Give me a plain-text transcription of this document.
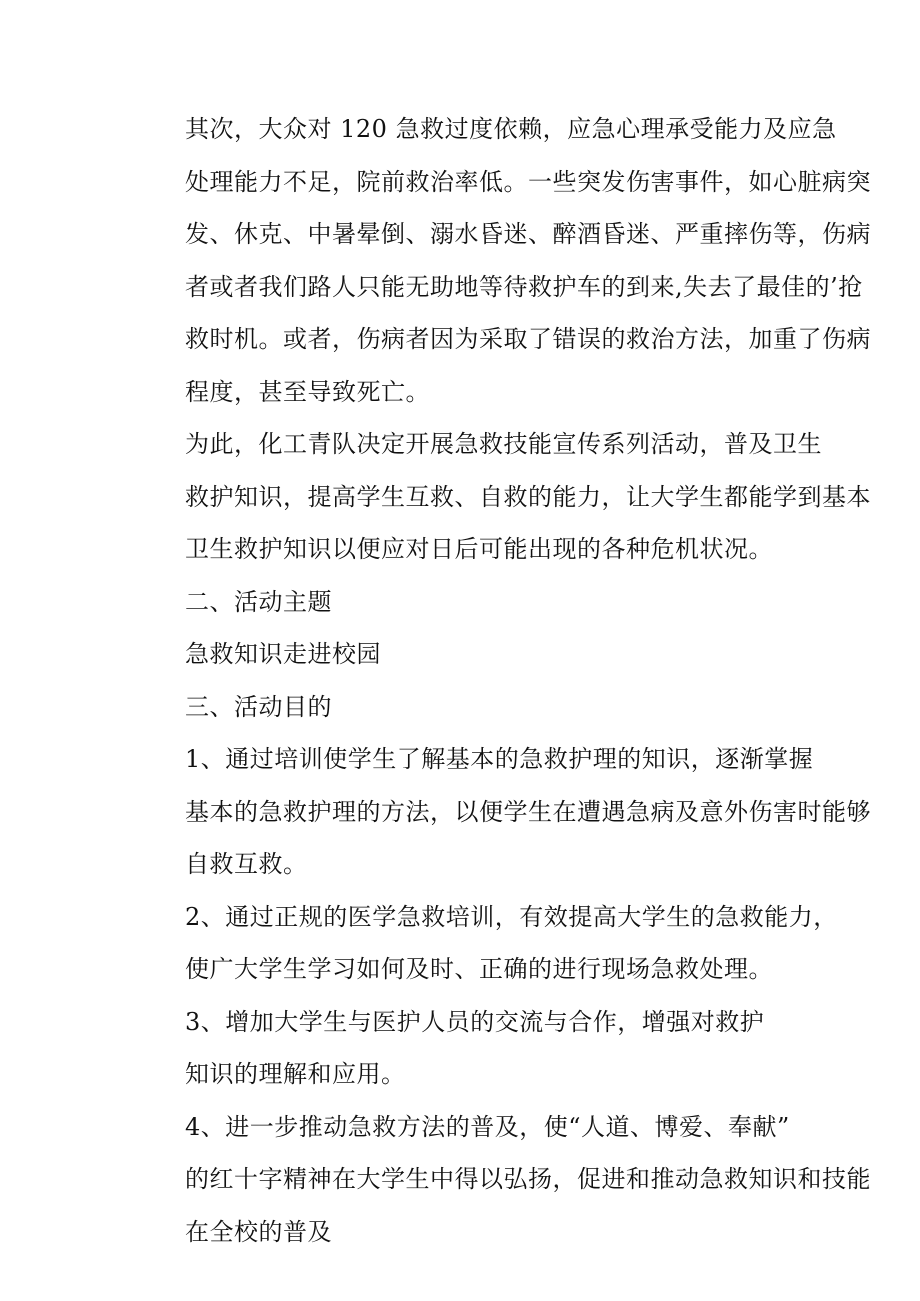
其次，大众对 120 急救过度依赖，应急心理承受能力及应急
处理能力不足，院前救治率低。一些突发伤害事件，如心脏病突
发、休克、中暑晕倒、溺水昏迷、醉酒昏迷、严重摔伤等，伤病
者或者我们路人只能无助地等待救护车的到来,失去了最佳的’抢
救时机。或者，伤病者因为采取了错误的救治方法，加重了伤病
程度，甚至导致死亡。

为此，化工青队决定开展急救技能宣传系列活动，普及卫生
救护知识，提高学生互救、自救的能力，让大学生都能学到基本
卫生救护知识以便应对日后可能出现的各种危机状况。

二、活动主题

急救知识走进校园

三、活动目的

1、通过培训使学生了解基本的急救护理的知识，逐渐掌握
基本的急救护理的方法，以便学生在遭遇急病及意外伤害时能够
自救互救。

2、通过正规的医学急救培训，有效提高大学生的急救能力，
使广大学生学习如何及时、正确的进行现场急救处理。

3、增加大学生与医护人员的交流与合作，增强对救护
知识的理解和应用。

4、进一步推动急救方法的普及，使“人道、博爱、奉献”
的红十字精神在大学生中得以弘扬，促进和推动急救知识和技能
在全校的普及
